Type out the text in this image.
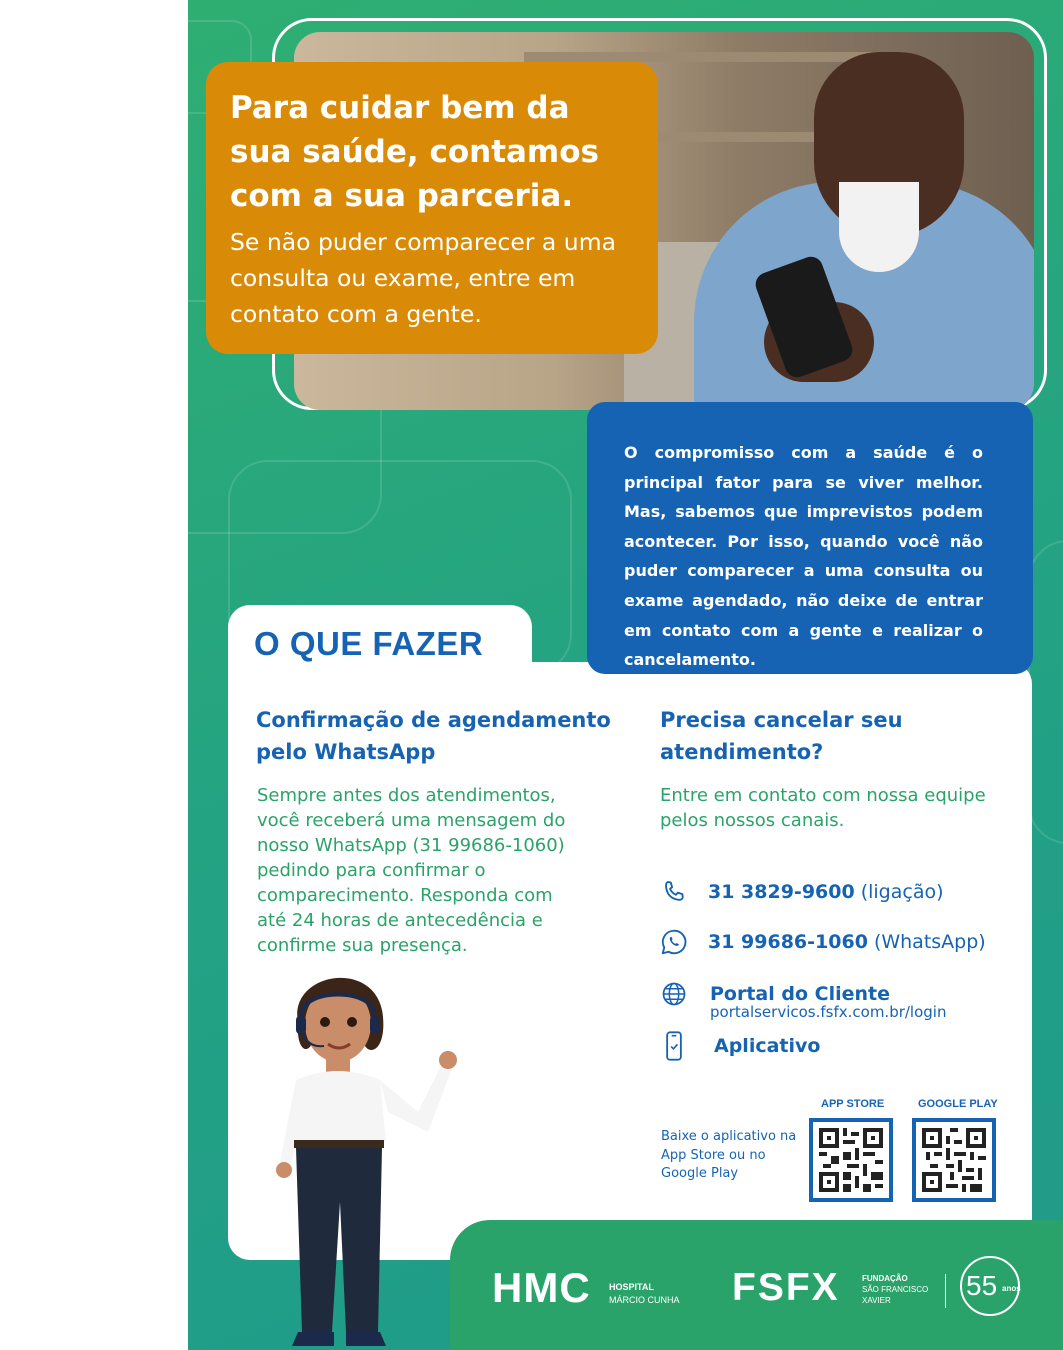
Para cuidar bem da sua saúde, contamos com a sua parceria.

Se não puder comparecer a uma consulta ou exame, entre em contato com a gente.

O QUE FAZER

O compromisso com a saúde é o principal fator para se viver melhor. Mas, sabemos que imprevistos podem acontecer. Por isso, quando você não puder comparecer a uma consulta ou exame agendado, não deixe de entrar em contato com a gente e realizar o cancelamento.

Confirmação de agendamento pelo WhatsApp

Sempre antes dos atendimentos, você receberá uma mensagem do nosso WhatsApp (31 99686-1060) pedindo para confirmar o comparecimento. Responda com até 24 horas de antecedência e confirme sua presença.

Precisa cancelar seu atendimento?

Entre em contato com nossa equipe pelos nossos canais.

31 3829-9600 (ligação)
31 99686-1060 (WhatsApp)
Portal do Cliente

portalservicos.fsfx.com.br/login

Aplicativo

Baixe o aplicativo na App Store ou no Google Play

APP STORE	GOOGLE PLAY

HMC HOSPITAL

MÁRCIO CUNHA FSFX	FUNDAÇÃO

SÃO FRANCISCO

XAVIER	55 anos
